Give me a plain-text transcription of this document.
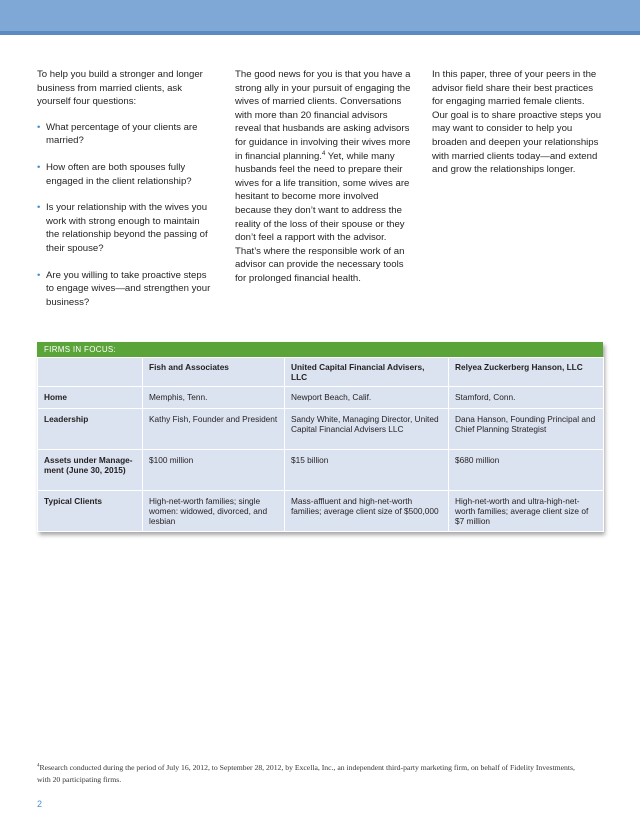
To help you build a stronger and longer business from married clients, ask yourself four questions:

• What percentage of your clients are married?
• How often are both spouses fully engaged in the client relationship?
• Is your relationship with the wives you work with strong enough to maintain the relationship beyond the passing of their spouse?
• Are you willing to take proactive steps to engage wives—and strengthen your business?

The good news for you is that you have a strong ally in your pursuit of engaging the wives of married clients. Conversations with more than 20 financial advisors reveal that husbands are asking advisors for guidance in involving their wives more in financial planning.$^4$ Yet, while many husbands feel the need to prepare their wives for a life transition, some wives are hesitant to become more involved because they don’t want to address the reality of the loss of their spouse or they don’t feel a rapport with the advisor. That’s where the responsible work of an advisor can provide the necessary tools for prolonged financial health.

In this paper, three of your peers in the advisor field share their best practices for engaging married female clients. Our goal is to share proactive steps you may want to consider to help you broaden and deepen your relationships with married clients today—and extend and grow the relationships longer.

FIRMS IN FOCUS:
	Fish and Associates	United Capital Financial Advisers, LLC	Relyea Zuckerberg Hanson, LLC
Home	Memphis, Tenn.	Newport Beach, Calif.	Stamford, Conn.
Leadership	Kathy Fish, Founder and President	Sandy White, Managing Director, United Capital Financial Advisers LLC	Dana Hanson, Founding Principal and Chief Planning Strategist
Assets under Manage-ment (June 30, 2015)	$100 million	$15 billion	$680 million
Typical Clients	High-net-worth families; single women: widowed, divorced, and lesbian	Mass-affluent and high-net-worth families; average client size of $500,000	High-net-worth and ultra-high-net-worth families; average client size of $7 million
$^4$Research conducted during the period of July 16, 2012, to September 28, 2012, by Excella, Inc., an independent third-party marketing firm, on behalf of Fidelity Investments, with 20 participating firms.
2
